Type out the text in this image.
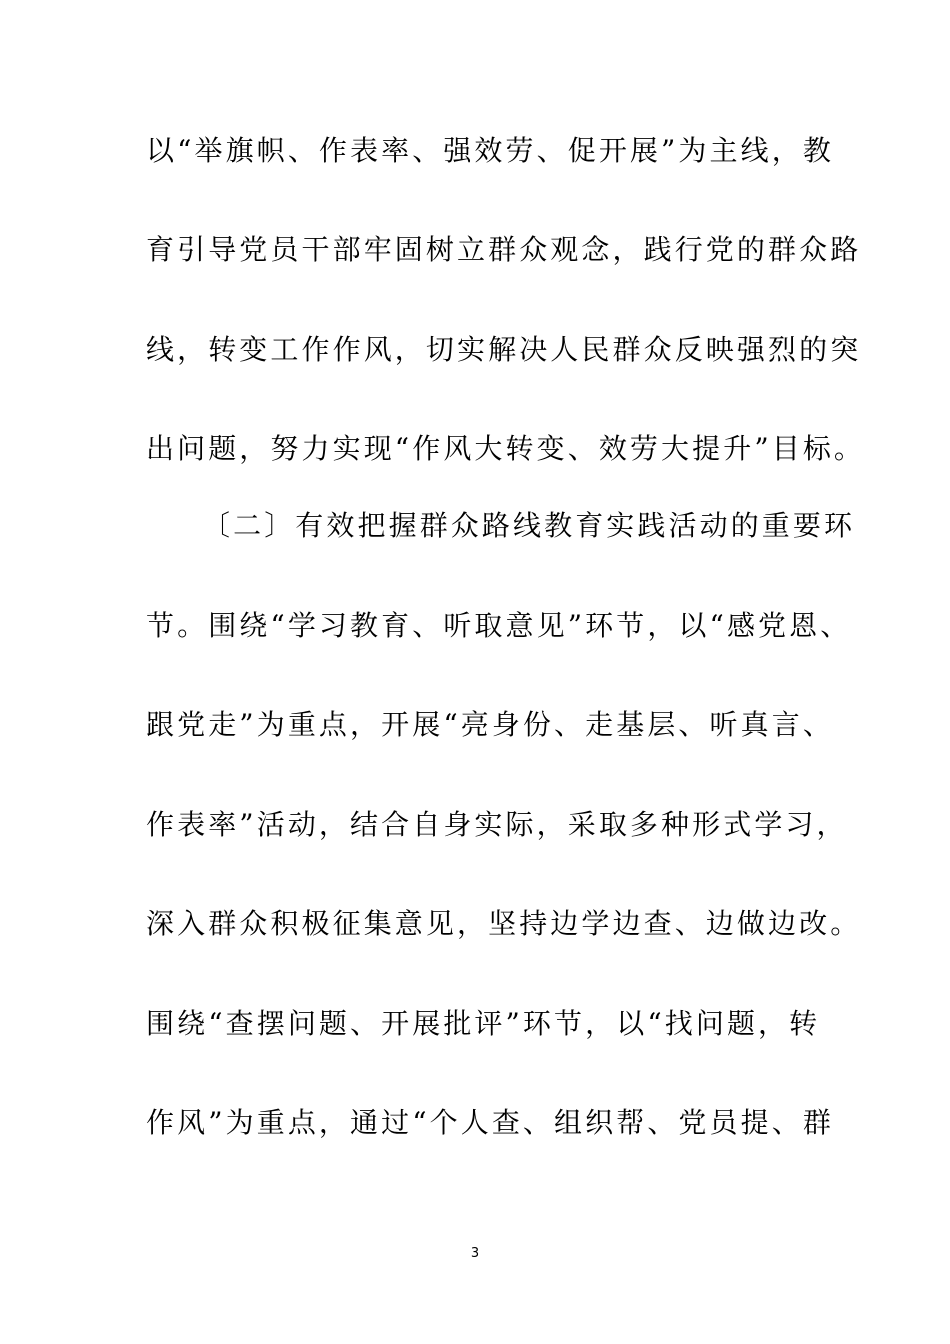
以“举旗帜、作表率、强效劳、促开展”为主线，教
育引导党员干部牢固树立群众观念，践行党的群众路
线，转变工作作风，切实解决人民群众反映强烈的突
出问题，努力实现“作风大转变、效劳大提升”目标。
〔二〕有效把握群众路线教育实践活动的重要环
节。围绕“学习教育、听取意见”环节，以“感党恩、
跟党走”为重点，开展“亮身份、走基层、听真言、
作表率”活动，结合自身实际，采取多种形式学习，
深入群众积极征集意见，坚持边学边查、边做边改。
围绕“查摆问题、开展批评”环节，以“找问题，转
作风”为重点，通过“个人查、组织帮、党员提、群
3
